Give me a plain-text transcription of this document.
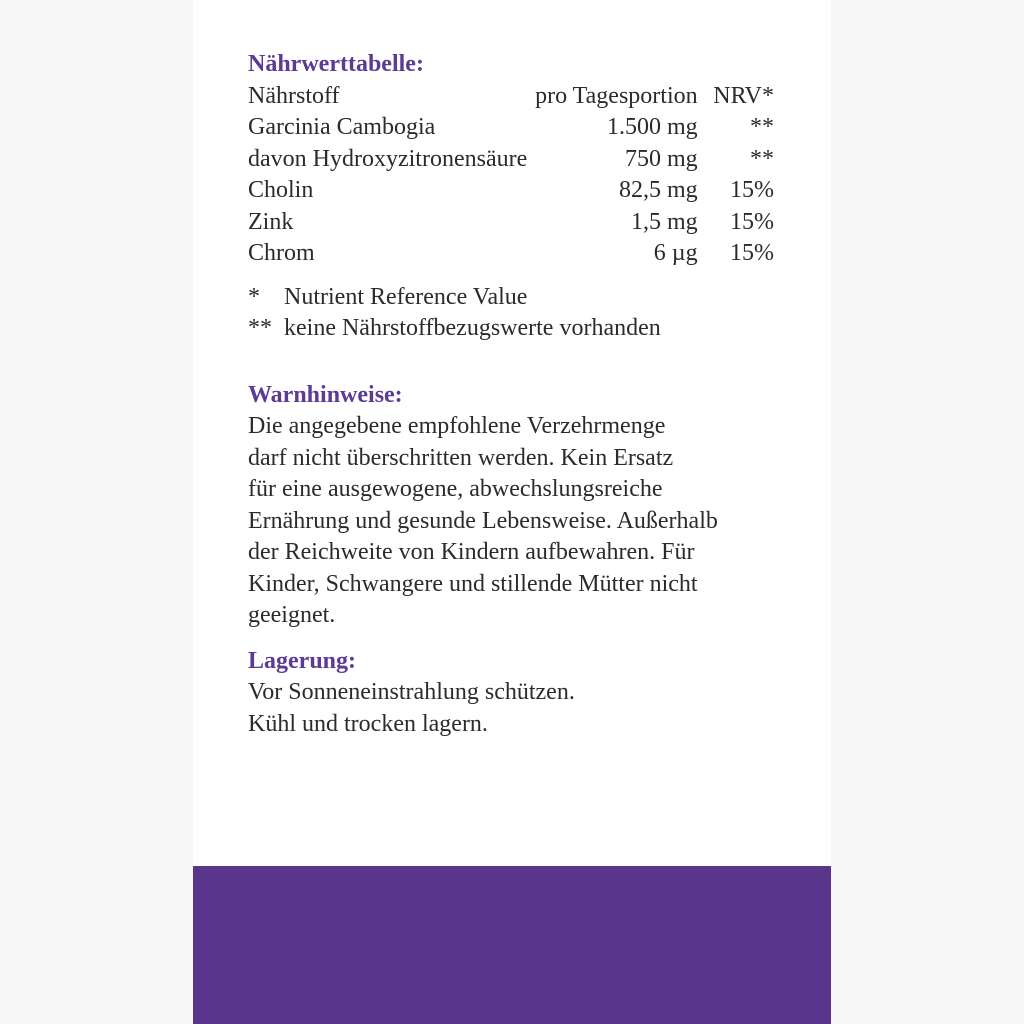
Nährwerttabelle:
Nährstoff	pro Tagesportion	NRV*
Garcinia Cambogia	1.500 mg	**
davon Hydroxyzitronensäure	750 mg	**
Cholin	82,5 mg	15%
Zink	1,5 mg	15%
Chrom	6 µg	15%
*	Nutrient Reference Value
** keine Nährstoffbezugswerte vorhanden
Warnhinweise:

Die angegebene empfohlene Verzehrmenge
darf nicht überschritten werden. Kein Ersatz
für eine ausgewogene, abwechslungsreiche
Ernährung und gesunde Lebensweise. Außerhalb
der Reichweite von Kindern aufbewahren. Für
Kinder, Schwangere und stillende Mütter nicht
geeignet.

Lagerung:

Vor Sonneneinstrahlung schützen.
Kühl und trocken lagern.
